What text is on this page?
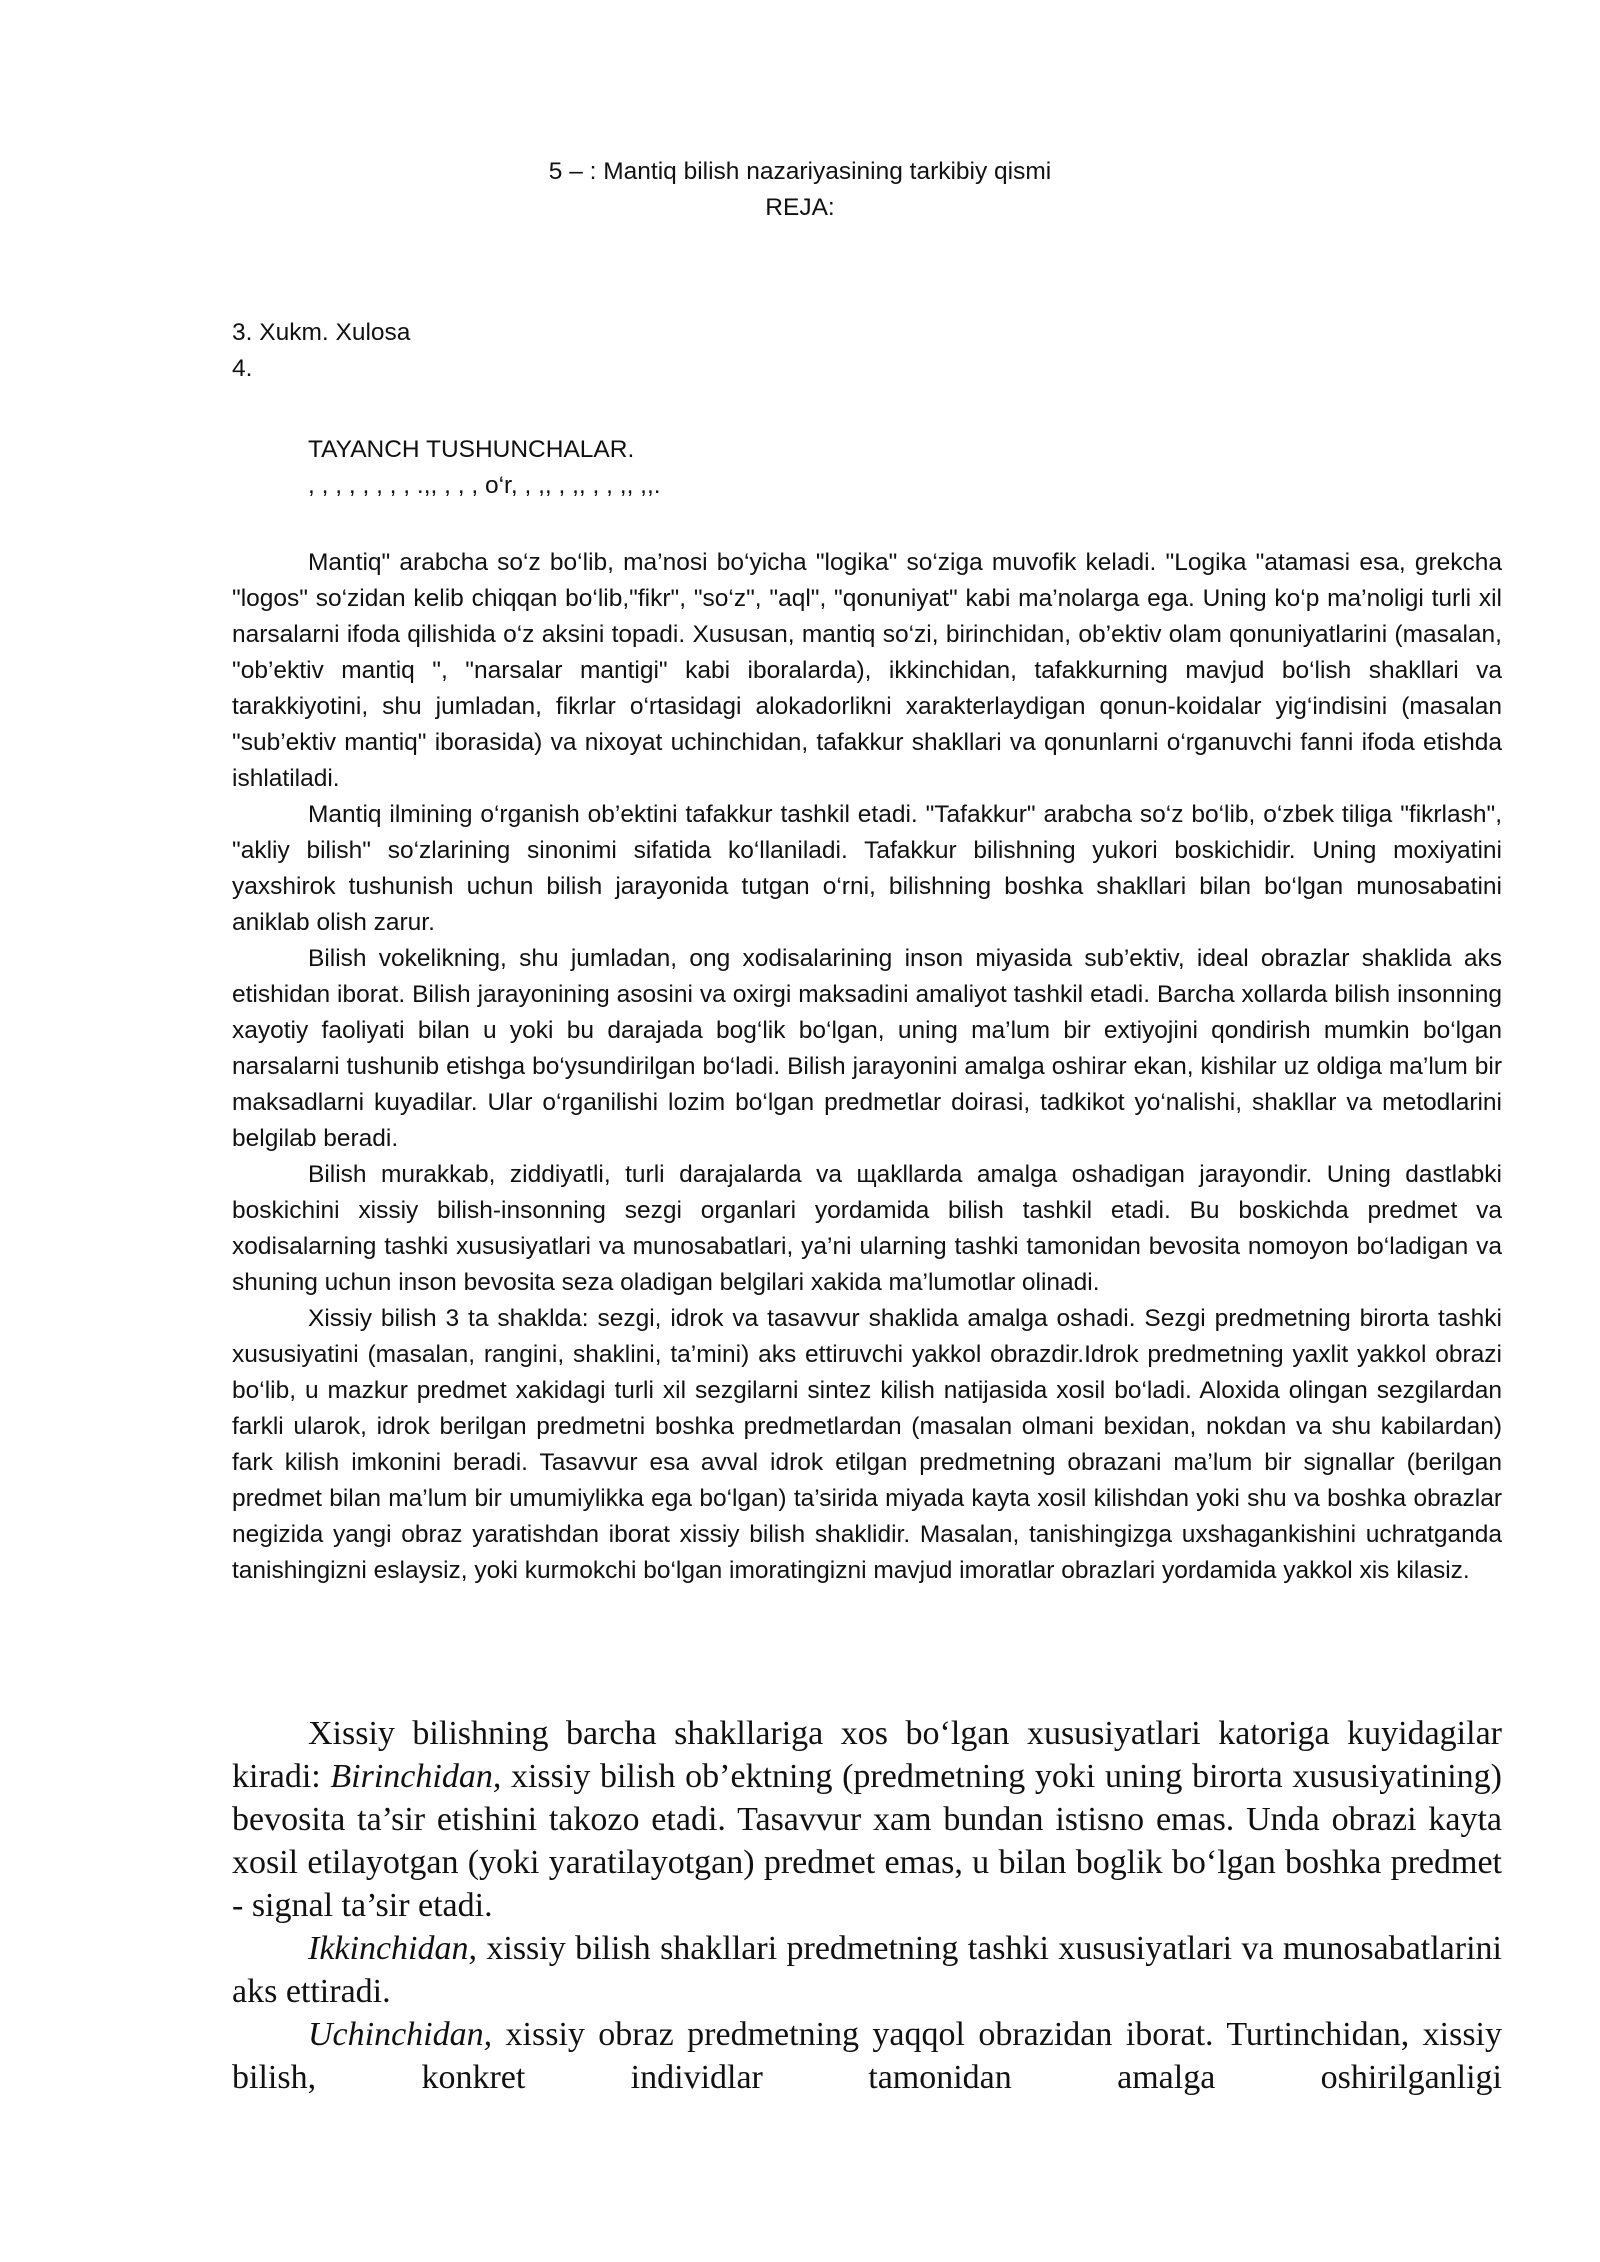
5 – : Mantiq bilish nazariyasining tarkibiy qismi
REJA:
3. Xukm. Xulosa
4.
TAYANCH TUSHUNCHALAR.
, , , , , , , , .,, , , , o‘r, , ,, , ,, , , ,, ,,.

Mantiq" arabcha so‘z bo‘lib, ma’nosi bo‘yicha "logika" so‘ziga muvofik keladi. "Logika "atamasi esa, grekcha "logos" so‘zidan kelib chiqqan bo‘lib,"fikr", "so‘z", "aql", "qonuniyat" kabi ma’nolarga ega. Uning ko‘p ma’noligi turli xil narsalarni ifoda qilishida o‘z aksini topadi. Xususan, mantiq so‘zi, birinchidan, ob’ektiv olam qonuniyatlarini (masalan, "ob’ektiv mantiq ", "narsalar mantigi" kabi iboralarda), ikkinchidan, tafakkurning mavjud bo‘lish shakllari va tarakkiyotini, shu jumladan, fikrlar o‘rtasidagi alokadorlikni xarakterlaydigan qonun-koidalar yig‘indisini (masalan "sub’ektiv mantiq" iborasida) va nixoyat uchinchidan, tafakkur shakllari va qonunlarni o‘rganuvchi fanni ifoda etishda ishlatiladi.

Mantiq ilmining o‘rganish ob’ektini tafakkur tashkil etadi. "Tafakkur" arabcha so‘z bo‘lib, o‘zbek tiliga "fikrlash", "akliy bilish" so‘zlarining sinonimi sifatida ko‘llaniladi. Tafakkur bilishning yukori boskichidir. Uning moxiyatini yaxshirok tushunish uchun bilish jarayonida tutgan o‘rni, bilishning boshka shakllari bilan bo‘lgan munosabatini aniklab olish zarur.

Bilish vokelikning, shu jumladan, ong xodisalarining inson miyasida sub’ektiv, ideal obrazlar shaklida aks etishidan iborat. Bilish jarayonining asosini va oxirgi maksadini amaliyot tashkil etadi. Barcha xollarda bilish insonning xayotiy faoliyati bilan u yoki bu darajada bog‘lik bo‘lgan, uning ma’lum bir extiyojini qondirish mumkin bo‘lgan narsalarni tushunib etishga bo‘ysundirilgan bo‘ladi. Bilish jarayonini amalga oshirar ekan, kishilar uz oldiga ma’lum bir maksadlarni kuyadilar. Ular o‘rganilishi lozim bo‘lgan predmetlar doirasi, tadkikot yo‘nalishi, shakllar va metodlarini belgilab beradi.

Bilish murakkab, ziddiyatli, turli darajalarda va щakllarda amalga oshadigan jarayondir. Uning dastlabki boskichini xissiy bilish-insonning sezgi organlari yordamida bilish tashkil etadi. Bu boskichda predmet va xodisalarning tashki xususiyatlari va munosabatlari, ya’ni ularning tashki tamonidan bevosita nomoyon bo‘ladigan va shuning uchun inson bevosita seza oladigan belgilari xakida ma’lumotlar olinadi.

Xissiy bilish 3 ta shaklda: sezgi, idrok va tasavvur shaklida amalga oshadi. Sezgi predmetning birorta tashki xususiyatini (masalan, rangini, shaklini, ta’mini) aks ettiruvchi yakkol obrazdir.Idrok predmetning yaxlit yakkol obrazi bo‘lib, u mazkur predmet xakidagi turli xil sezgilarni sintez kilish natijasida xosil bo‘ladi. Aloxida olingan sezgilardan farkli ularok, idrok berilgan predmetni boshka predmetlardan (masalan olmani bexidan, nokdan va shu kabilardan) fark kilish imkonini beradi. Tasavvur esa avval idrok etilgan predmetning obrazani ma’lum bir signallar (berilgan predmet bilan ma’lum bir umumiylikka ega bo‘lgan) ta’sirida miyada kayta xosil kilishdan yoki shu va boshka obrazlar negizida yangi obraz yaratishdan iborat xissiy bilish shaklidir. Masalan, tanishingizga uxshagankishini uchratganda tanishingizni eslaysiz, yoki kurmokchi bo‘lgan imoratingizni mavjud imoratlar obrazlari yordamida yakkol xis kilasiz.

Xissiy bilishning barcha shakllariga xos bo‘lgan xususiyatlari katoriga kuyidagilar kiradi: Birinchidan, xissiy bilish ob’ektning (predmetning yoki uning birorta xususiyatining) bevosita ta’sir etishini takozo etadi. Tasavvur xam bundan istisno emas. Unda obrazi kayta xosil etilayotgan (yoki yaratilayotgan) predmet emas, u bilan boglik bo‘lgan boshka predmet - signal ta’sir etadi.

Ikkinchidan, xissiy bilish shakllari predmetning tashki xususiyatlari va munosabatlarini aks ettiradi.

Uchinchidan, xissiy obraz predmetning yaqqol obrazidan iborat. Turtinchidan, xissiy bilish, konkret individlar tamonidan amalga oshirilganligi
